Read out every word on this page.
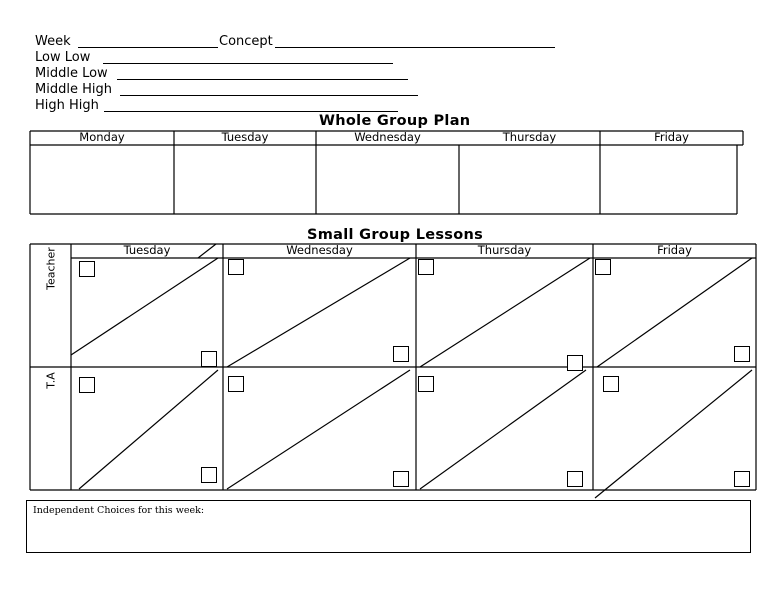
Week	Concept
Low Low
Middle Low
Middle High
High High
Whole Group Plan
Small Group Lessons
Monday	Tuesday	Wednesday	Thursday	Friday
Tuesday	Wednesday	Thursday	Friday
Teacher
T.A
Independent Choices for this week:
